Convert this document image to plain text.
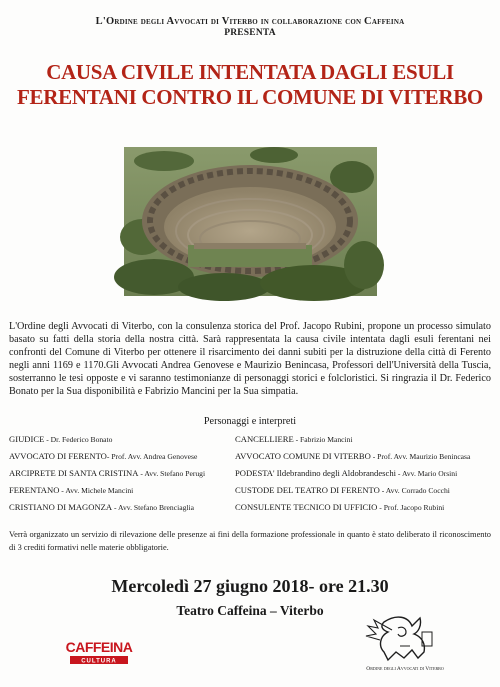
L'Ordine degli Avvocati di Viterbo in collaborazione con Caffeina
PRESENTA
CAUSA CIVILE INTENTATA DAGLI ESULI
FERENTANI CONTRO IL COMUNE DI VITERBO
L'Ordine degli Avvocati di Viterbo, con la consulenza storica del Prof. Jacopo Rubini, propone un processo simulato basato su fatti della storia della nostra città. Sarà rappresentata la causa civile intentata dagli esuli ferentani nei confronti del Comune di Viterbo per ottenere il risarcimento dei danni subiti per la distruzione della città di Ferento negli anni 1169 e 1170.Gli Avvocati Andrea Genovese e Maurizio Benincasa, Professori dell'Università della Tuscia, sosterranno le tesi opposte e vi saranno testimonianze di personaggi storici e folcloristici. Si ringrazia il Dr. Federico Bonato per la Sua disponibilità e Fabrizio Mancini per la Sua simpatia.
Personaggi e interpreti
GIUDICE - Dr. Federico Bonato	CANCELLIERE - Fabrizio Mancini
AVVOCATO DI FERENTO- Prof. Avv. Andrea Genovese	AVVOCATO COMUNE DI VITERBO - Prof. Avv. Maurizio Benincasa
ARCIPRETE DI SANTA CRISTINA - Avv. Stefano Perugi	PODESTA' Ildebrandino degli Aldobrandeschi - Avv. Mario Orsini
FERENTANO - Avv. Michele Mancini	CUSTODE DEL TEATRO DI FERENTO - Avv. Corrado Cocchi
CRISTIANO DI MAGONZA - Avv. Stefano Brenciaglia	CONSULENTE TECNICO DI UFFICIO - Prof. Jacopo Rubini
Verrà organizzato un servizio di rilevazione delle presenze ai fini della formazione professionale in quanto è stato deliberato il riconoscimento di 3 crediti formativi nelle materie obbligatorie.
Mercoledì 27 giugno 2018- ore 21.30
Teatro Caffeina – Viterbo
CAFFEINA
CULTURA
Ordine degli Avvocati di Viterbo
